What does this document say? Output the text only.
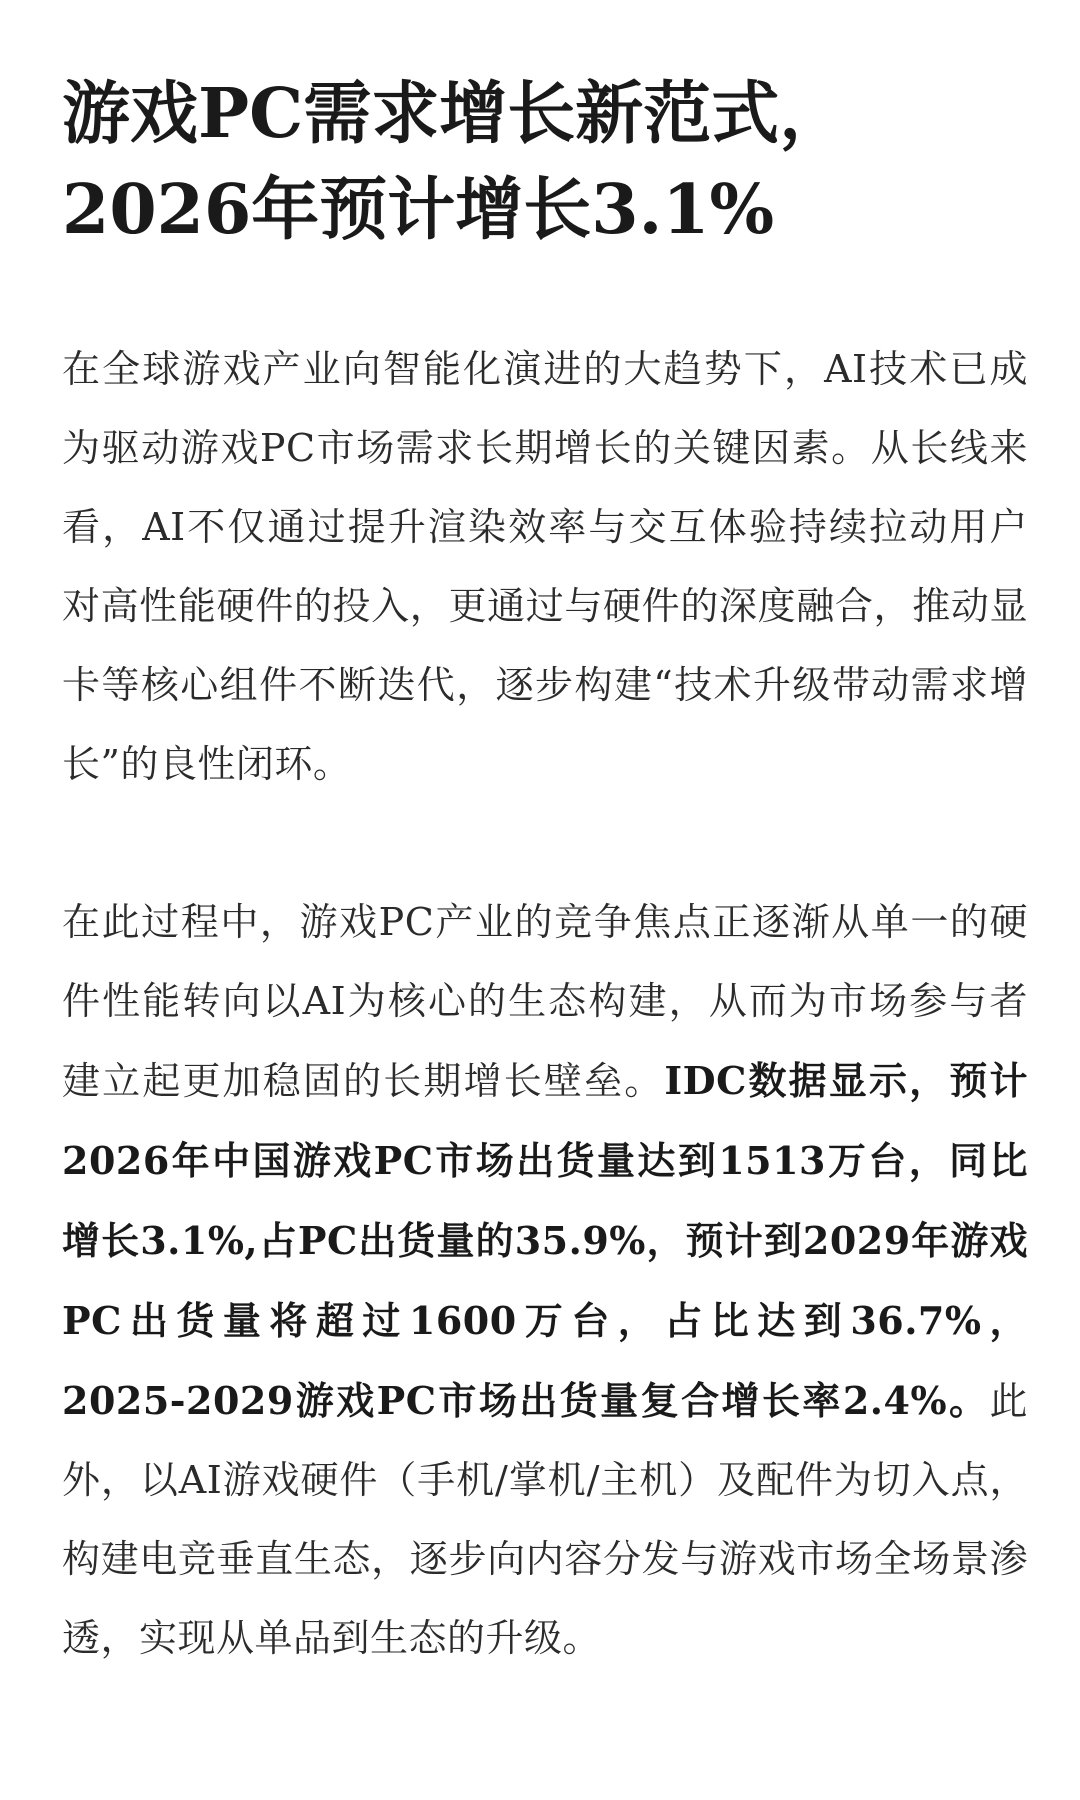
游戏PC需求增长新范式，
2026年预计增长3.1%

在全球游戏产业向智能化演进的大趋势下，AI技术已成为驱动游戏PC市场需求长期增长的关键因素。从长线来看，AI不仅通过提升渲染效率与交互体验持续拉动用户对高性能硬件的投入，更通过与硬件的深度融合，推动显卡等核心组件不断迭代，逐步构建“技术升级带动需求增长”的良性闭环。

在此过程中，游戏PC产业的竞争焦点正逐渐从单一的硬件性能转向以AI为核心的生态构建，从而为市场参与者建立起更加稳固的长期增长壁垒。IDC数据显示，预计2026年中国游戏PC市场出货量达到1513万台，同比增长3.1%,占PC出货量的35.9%，预计到2029年游戏PC出货量将超过1600万台，占比达到36.7%， 2025-2029游戏PC市场出货量复合增长率2.4%。此外，以AI游戏硬件（手机/掌机/主机）及配件为切入点，构建电竞垂直生态，逐步向内容分发与游戏市场全场景渗透，实现从单品到生态的升级。
